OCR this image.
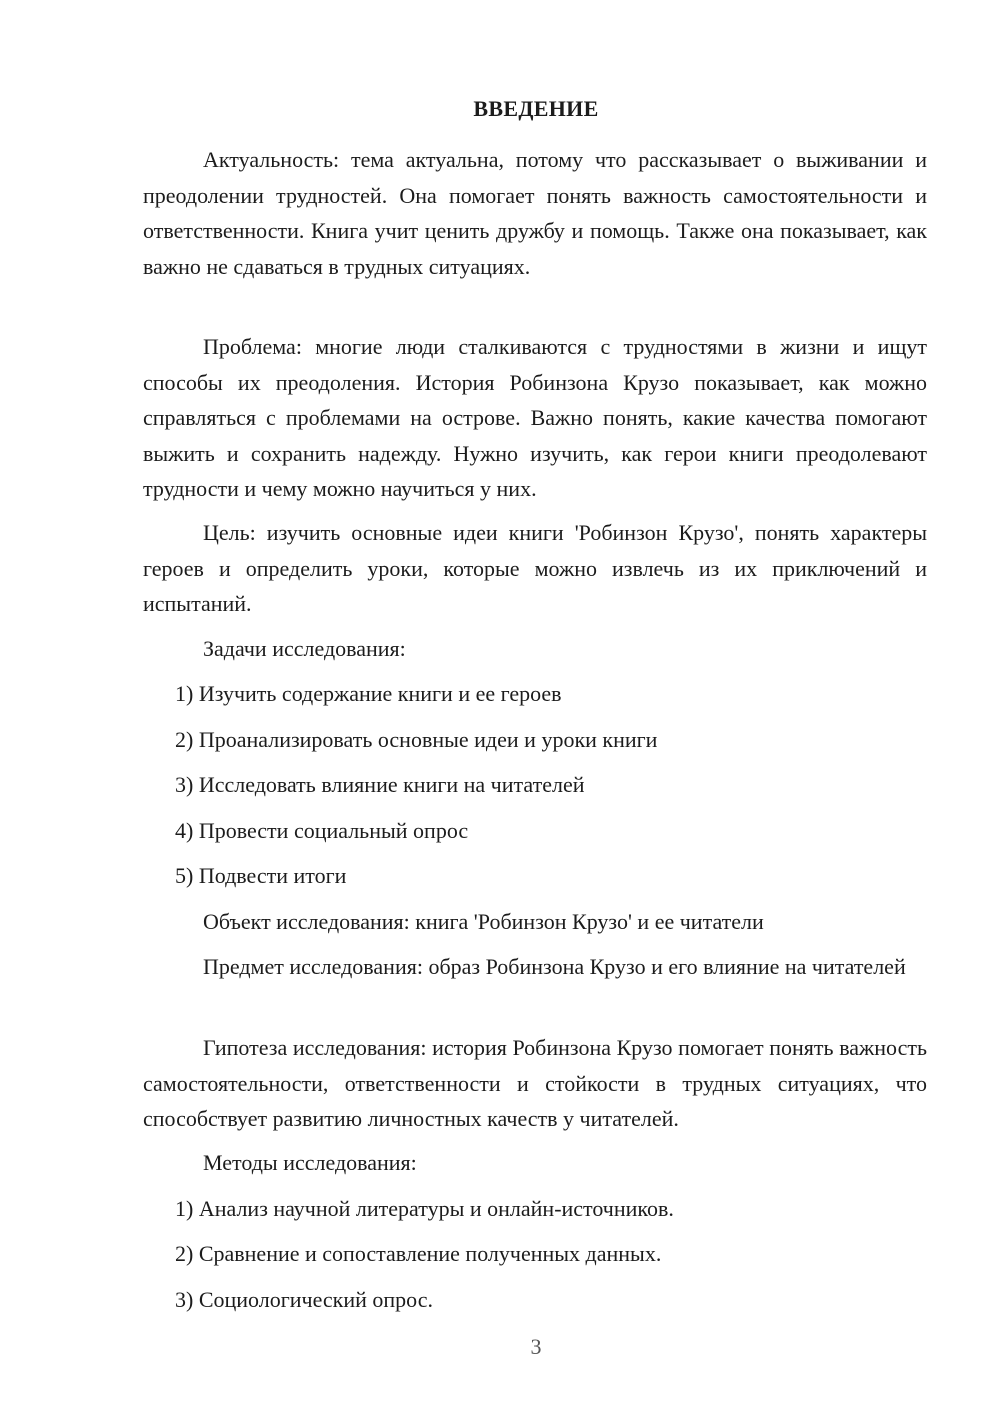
ВВЕДЕНИЕ

Актуальность: тема актуальна, потому что рассказывает о выживании и преодолении трудностей. Она помогает понять важность самостоятельности и ответственности. Книга учит ценить дружбу и помощь. Также она показывает, как важно не сдаваться в трудных ситуациях.

Проблема: многие люди сталкиваются с трудностями в жизни и ищут способы их преодоления. История Робинзона Крузо показывает, как можно справляться с проблемами на острове. Важно понять, какие качества помогают выжить и сохранить надежду. Нужно изучить, как герои книги преодолевают трудности и чему можно научиться у них.

Цель: изучить основные идеи книги 'Робинзон Крузо', понять характеры героев и определить уроки, которые можно извлечь из их приключений и испытаний.

Задачи исследования:

1) Изучить содержание книги и ее героев

2) Проанализировать основные идеи и уроки книги

3) Исследовать влияние книги на читателей

4) Провести социальный опрос

5) Подвести итоги

Объект исследования: книга 'Робинзон Крузо' и ее читатели

Предмет исследования: образ Робинзона Крузо и его влияние на читателей

Гипотеза исследования: история Робинзона Крузо помогает понять важность самостоятельности, ответственности и стойкости в трудных ситуациях, что способствует развитию личностных качеств у читателей.

Методы исследования:

1) Анализ научной литературы и онлайн-источников.

2) Сравнение и сопоставление полученных данных.

3) Социологический опрос.

3
